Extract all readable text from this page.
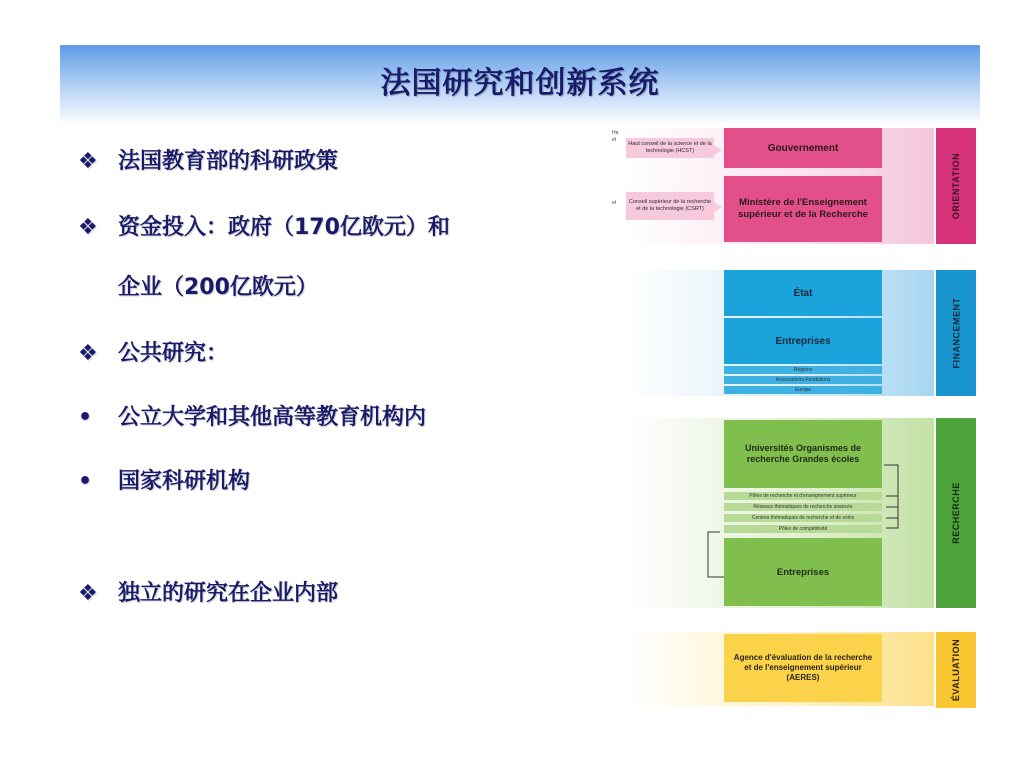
法国研究和创新系统
❖ 法国教育部的科研政策
❖ 资金投入：政府（170亿欧元）和
企业（200亿欧元）
❖ 公共研究：
• 公立大学和其他高等教育机构内
• 国家科研机构
❖ 独立的研究在企业内部
Ha et
Haut conseil de la science et de la technologie (HCST)	Gouvernement
et	Conseil supérieur de la recherche et de la technologie (CSRT)
Ministère de l'Enseignement supérieur et de la Recherche	ORIENTATION
État
Entreprises
Régions
Associations-Fondations
Europe
FINANCEMENT
Universités Organismes de recherche Grandes écoles
Pôles de recherche et d'enseignement supérieur
Réseaux thématiques de recherche avancée
Centres thématiques de recherche et de soins
Pôles de compétitivité
Entreprises
RECHERCHE
Agence d'évaluation de la recherche et de l'enseignement supérieur (AERES)	ÉVALUATION
